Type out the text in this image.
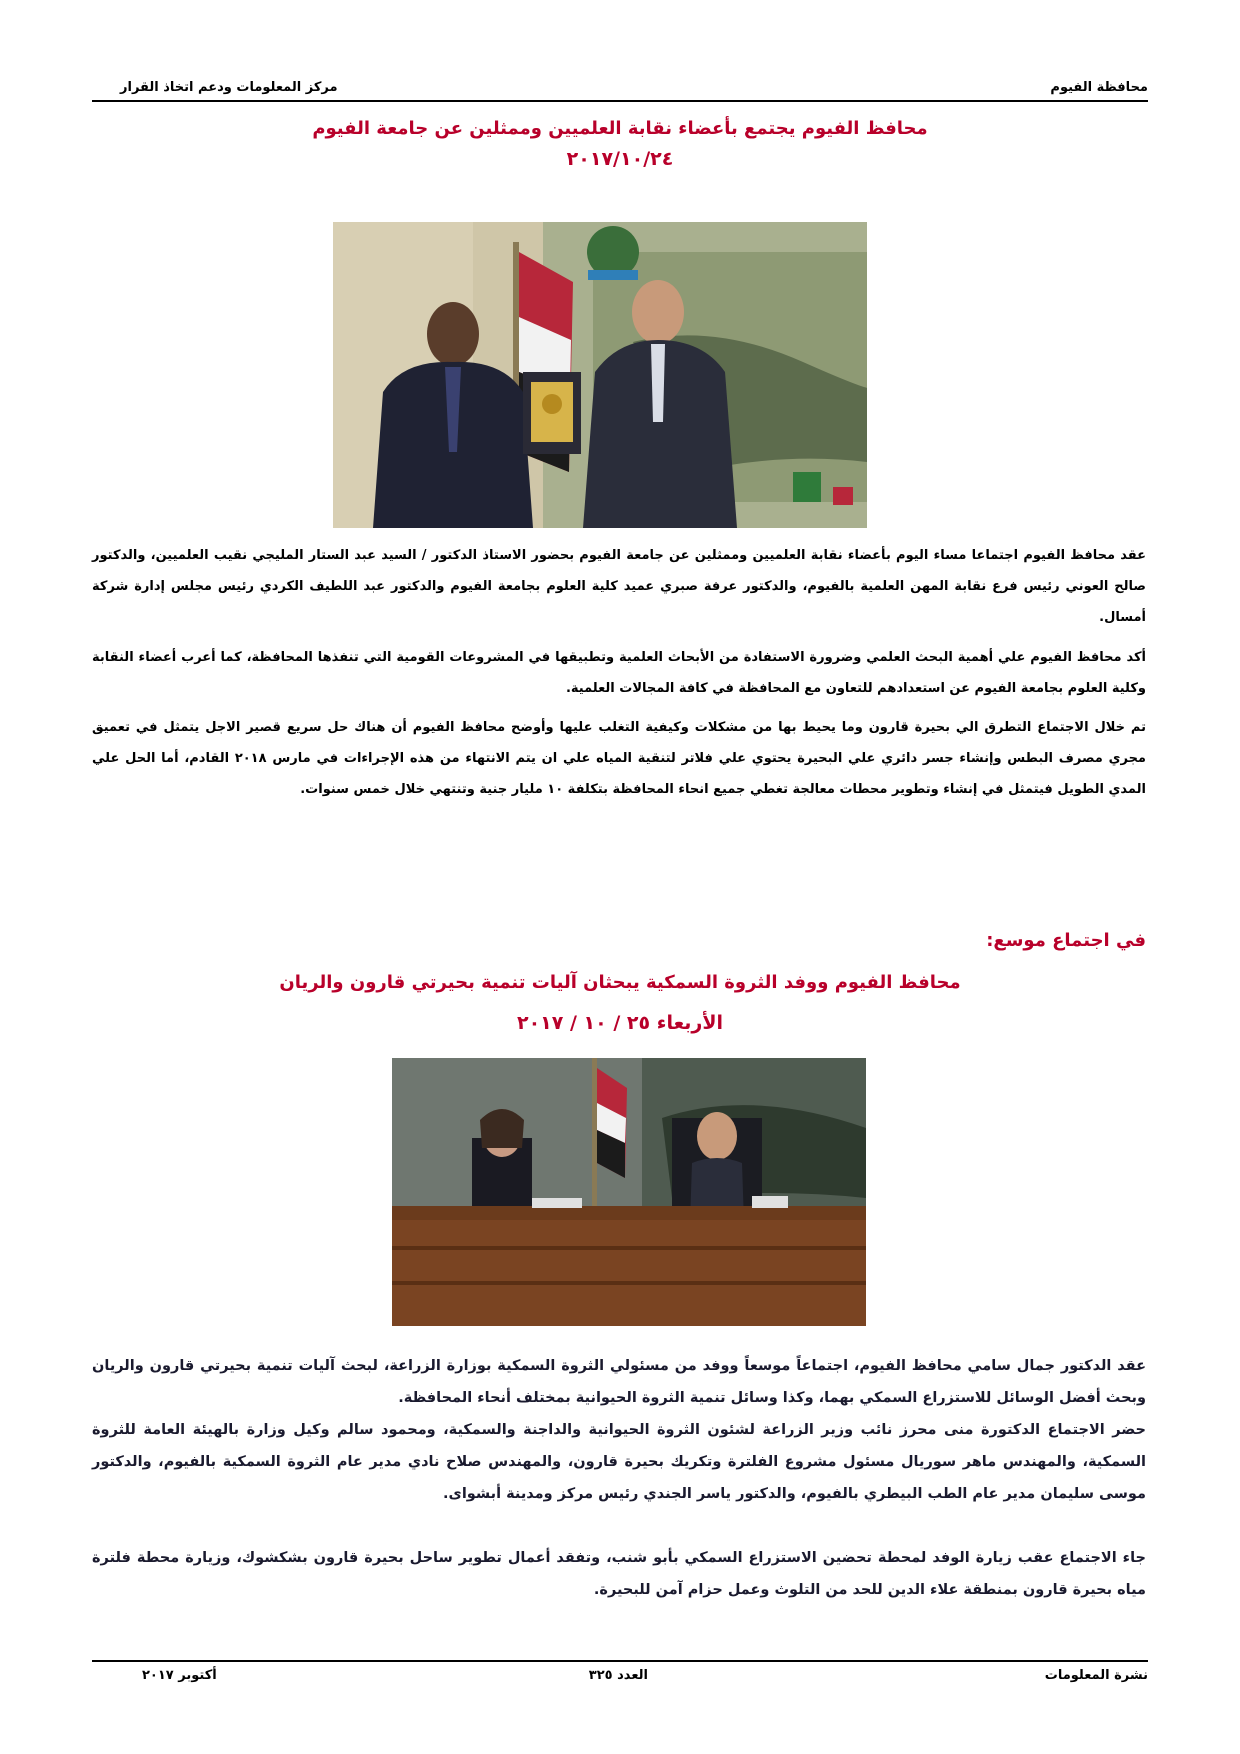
محافظة الفيوم
مركز المعلومات ودعم اتخاذ القرار
محافظ الفيوم يجتمع بأعضاء نقابة العلميين وممثلين عن جامعة الفيوم
٢٠١٧/١٠/٢٤

عقد محافظ الفيوم اجتماعا مساء اليوم بأعضاء نقابة العلميين وممثلين عن جامعة الفيوم بحضور الاستاذ الدكتور / السيد عبد الستار المليجي نقيب العلميين، والدكتور صالح العوني رئيس فرع نقابة المهن العلمية بالفيوم، والدكتور عرفة صبري عميد كلية العلوم بجامعة الفيوم والدكتور عبد اللطيف الكردي رئيس مجلس إدارة شركة أمسال.

أكد محافظ الفيوم علي أهمية البحث العلمي وضرورة الاستفادة من الأبحاث العلمية وتطبيقها في المشروعات القومية التي تنفذها المحافظة، كما أعرب أعضاء النقابة وكلية العلوم بجامعة الفيوم عن استعدادهم للتعاون مع المحافظة في كافة المجالات العلمية.

تم خلال الاجتماع التطرق الي بحيرة قارون وما يحيط بها من مشكلات وكيفية التغلب عليها وأوضح محافظ الفيوم أن هناك حل سريع قصير الاجل يتمثل في تعميق مجري مصرف البطس وإنشاء جسر دائري علي البحيرة يحتوي علي فلاتر لتنقية المياه علي ان يتم الانتهاء من هذه الإجراءات في مارس ٢٠١٨ القادم، أما الحل علي المدي الطويل فيتمثل في إنشاء وتطوير محطات معالجة تغطي جميع انحاء المحافظة بتكلفة ١٠ مليار جنية وتنتهي خلال خمس سنوات.

في اجتماع موسع:
محافظ الفيوم ووفد الثروة السمكية يبحثان آليات تنمية بحيرتي قارون والريان
الأربعاء ٢٥ / ١٠ / ٢٠١٧

عقد الدكتور جمال سامي محافظ الفيوم، اجتماعاً موسعاً ووفد من مسئولي الثروة السمكية بوزارة الزراعة، لبحث آليات تنمية بحيرتي قارون والريان وبحث أفضل الوسائل للاستزراع السمكي بهما، وكذا وسائل تنمية الثروة الحيوانية بمختلف أنحاء المحافظة.

حضر الاجتماع الدكتورة منى محرز نائب وزير الزراعة لشئون الثروة الحيوانية والداجنة والسمكية، ومحمود سالم وكيل وزارة بالهيئة العامة للثروة السمكية، والمهندس ماهر سوريال مسئول مشروع الفلترة وتكريك بحيرة قارون، والمهندس صلاح نادي مدير عام الثروة السمكية بالفيوم، والدكتور موسى سليمان مدير عام الطب البيطري بالفيوم، والدكتور ياسر الجندي رئيس مركز ومدينة أبشواى.

جاء الاجتماع عقب زيارة الوفد لمحطة تحضين الاستزراع السمكي بأبو شنب، وتفقد أعمال تطوير ساحل بحيرة قارون بشكشوك، وزيارة محطة فلترة مياه بحيرة قارون بمنطقة علاء الدين للحد من التلوث وعمل حزام آمن للبحيرة.

نشرة المعلومات
العدد ٣٢٥
أكتوبر ٢٠١٧
